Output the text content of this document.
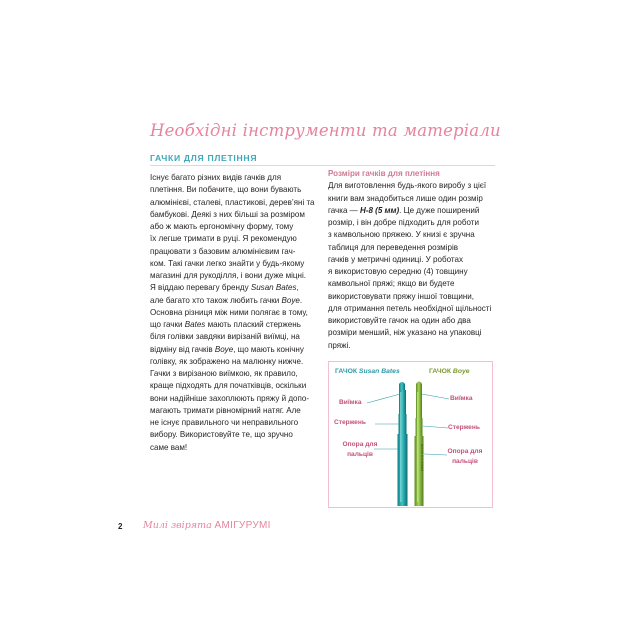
Необхідні інструменти та матеріали
ГАЧКИ ДЛЯ ПЛЕТІННЯ
Існує багато різних видів гачків для
плетіння. Ви побачите, що вони бувають
алюмінієві, сталеві, пластикові, дерев’яні та
бамбукові. Деякі з них більші за розміром
або ж мають ергономічну форму, тому
їх легше тримати в руці. Я рекомендую
працювати з базовим алюмінієвим гач-
ком. Такі гачки легко знайти у будь-якому
магазині для рукоділля, і вони дуже міцні.
Я віддаю перевагу бренду Susan Bates,
але багато хто також любить гачки Boye.
Основна різниця між ними полягає в тому,
що гачки Bates мають плаский стержень
біля голівки завдяки вирізаній виїмці, на
відміну від гачків Boye, що мають конічну
голівку, як зображено на малюнку нижче.
Гачки з вирізаною виїмкою, як правило,
краще підходять для початківців, оскільки
вони надійніше захоплюють пряжу й допо-
магають тримати рівномірний натяг. Але
не існує правильного чи неправильного
вибору. Використовуйте те, що зручно
саме вам!
Розміри гачків для плетіння
Для виготовлення будь-якого виробу з цієї
книги вам знадобиться лише один розмір
гачка — H-8 (5 мм). Це дуже поширений
розмір, і він добре підходить для роботи
з камвольною пряжею. У книзі є зручна
таблиця для переведення розмірів
гачків у метричні одиниці. У роботах
я використовую середню (4) товщину
камвольної пряжі; якщо ви будете
використовувати пряжу іншої товщини,
для отримання петель необхідної щільності
використовуйте гачок на один або два
розміри менший, ніж указано на упаковці
пряжі.
ГАЧОК Susan Bates	ГАЧОК Boye
BOYE 8-5.00MM
Виїмка
Стержень
Опора для пальців
Виїмка
Стержень
Опора для пальців
2 Милі звірята АМІГУРУМІ
